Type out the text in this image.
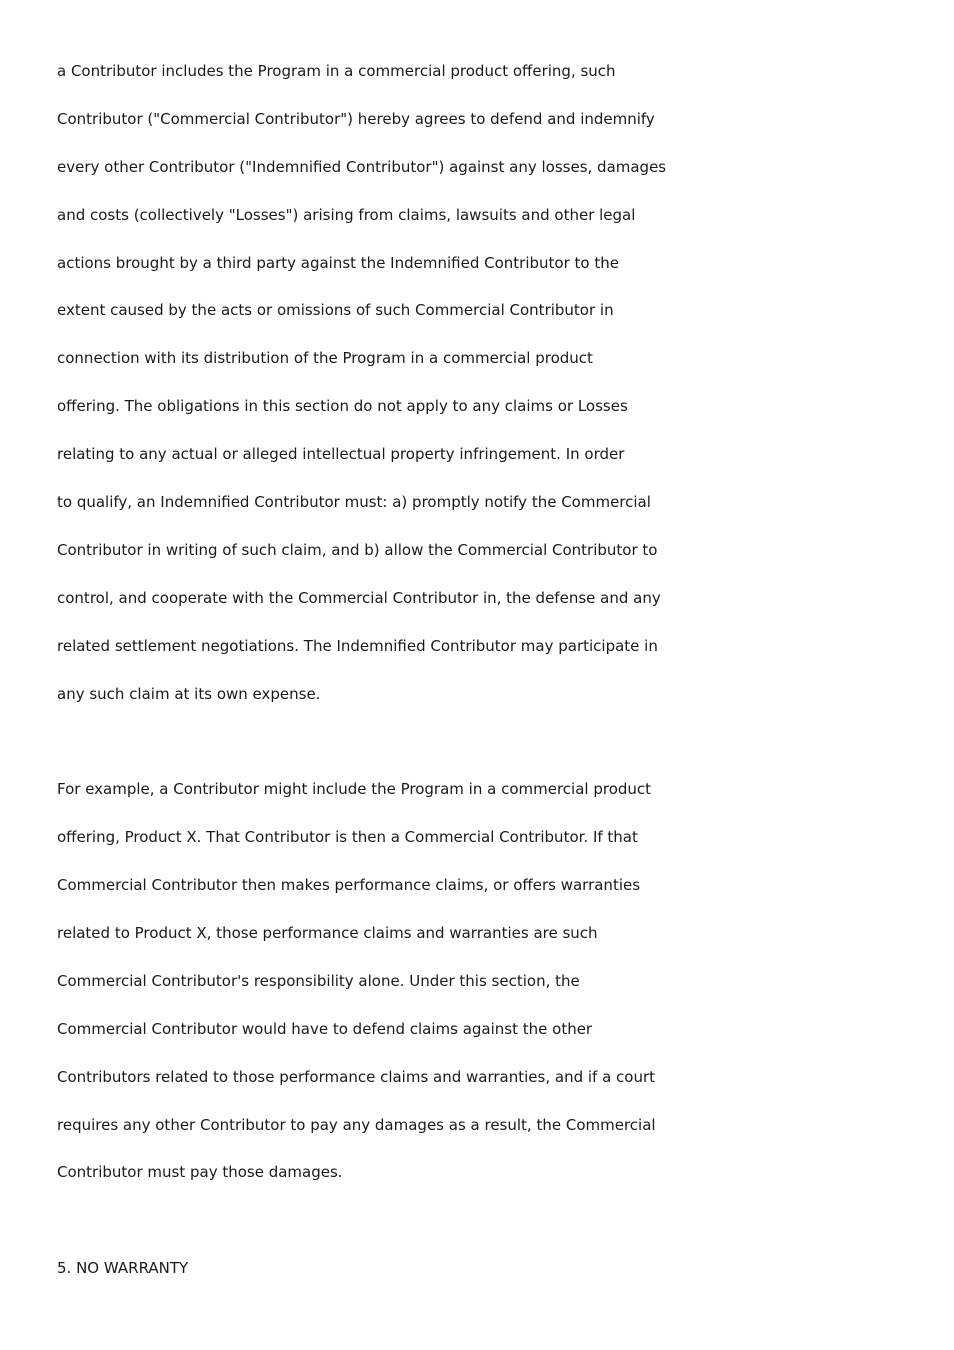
a Contributor includes the Program in a commercial product offering, such
Contributor ("Commercial Contributor") hereby agrees to defend and indemnify
every other Contributor ("Indemnified Contributor") against any losses, damages
and costs (collectively "Losses") arising from claims, lawsuits and other legal
actions brought by a third party against the Indemnified Contributor to the
extent caused by the acts or omissions of such Commercial Contributor in
connection with its distribution of the Program in a commercial product
offering. The obligations in this section do not apply to any claims or Losses
relating to any actual or alleged intellectual property infringement. In order
to qualify, an Indemnified Contributor must: a) promptly notify the Commercial
Contributor in writing of such claim, and b) allow the Commercial Contributor to
control, and cooperate with the Commercial Contributor in, the defense and any
related settlement negotiations. The Indemnified Contributor may participate in
any such claim at its own expense.
For example, a Contributor might include the Program in a commercial product
offering, Product X. That Contributor is then a Commercial Contributor. If that
Commercial Contributor then makes performance claims, or offers warranties
related to Product X, those performance claims and warranties are such
Commercial Contributor's responsibility alone. Under this section, the
Commercial Contributor would have to defend claims against the other
Contributors related to those performance claims and warranties, and if a court
requires any other Contributor to pay any damages as a result, the Commercial
Contributor must pay those damages.
5. NO WARRANTY
